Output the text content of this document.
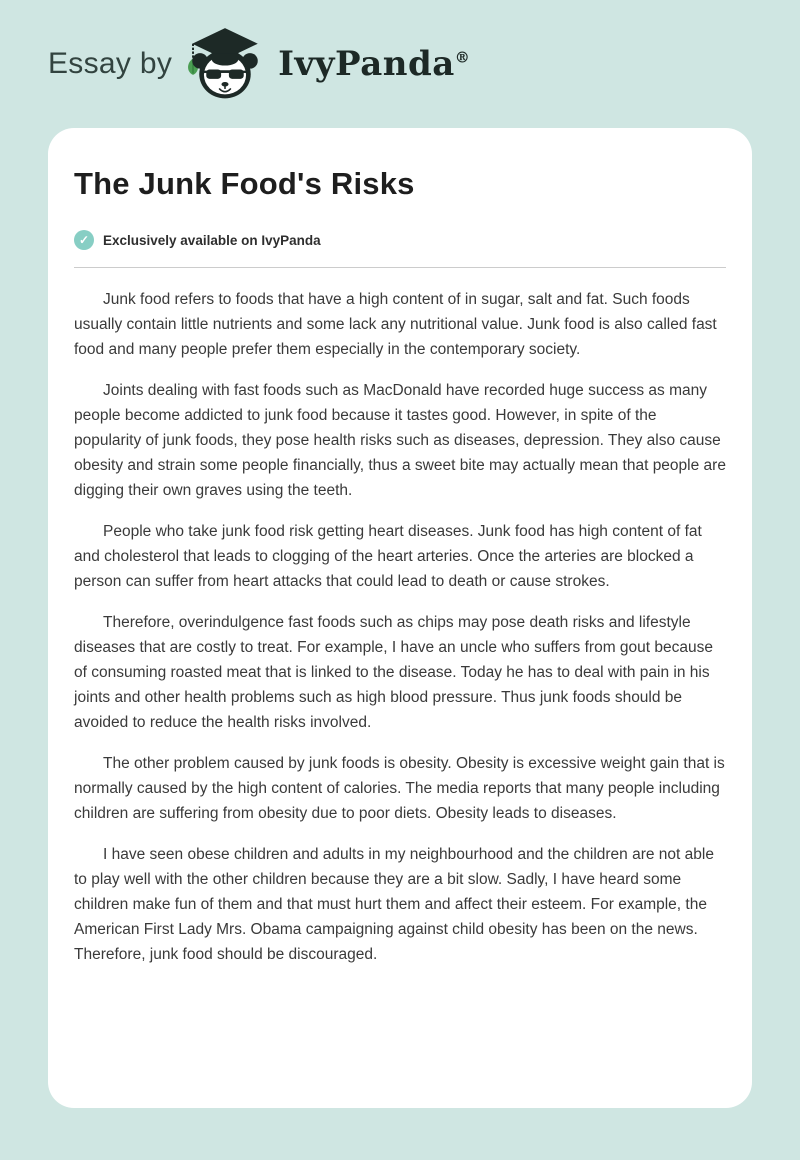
Essay by	IvyPanda®
The Junk Food's Risks
✓	Exclusively available on IvyPanda

Junk food refers to foods that have a high content of in sugar, salt and fat. Such foods usually contain little nutrients and some lack any nutritional value. Junk food is also called fast food and many people prefer them especially in the contemporary society.

Joints dealing with fast foods such as MacDonald have recorded huge success as many people become addicted to junk food because it tastes good. However, in spite of the popularity of junk foods, they pose health risks such as diseases, depression. They also cause obesity and strain some people financially, thus a sweet bite may actually mean that people are digging their own graves using the teeth.

People who take junk food risk getting heart diseases. Junk food has high content of fat and cholesterol that leads to clogging of the heart arteries. Once the arteries are blocked a person can suffer from heart attacks that could lead to death or cause strokes.

Therefore, overindulgence fast foods such as chips may pose death risks and lifestyle diseases that are costly to treat. For example, I have an uncle who suffers from gout because of consuming roasted meat that is linked to the disease. Today he has to deal with pain in his joints and other health problems such as high blood pressure. Thus junk foods should be avoided to reduce the health risks involved.

The other problem caused by junk foods is obesity. Obesity is excessive weight gain that is normally caused by the high content of calories. The media reports that many people including children are suffering from obesity due to poor diets. Obesity leads to diseases.

I have seen obese children and adults in my neighbourhood and the children are not able to play well with the other children because they are a bit slow. Sadly, I have heard some children make fun of them and that must hurt them and affect their esteem. For example, the American First Lady Mrs. Obama campaigning against child obesity has been on the news. Therefore, junk food should be discouraged.
